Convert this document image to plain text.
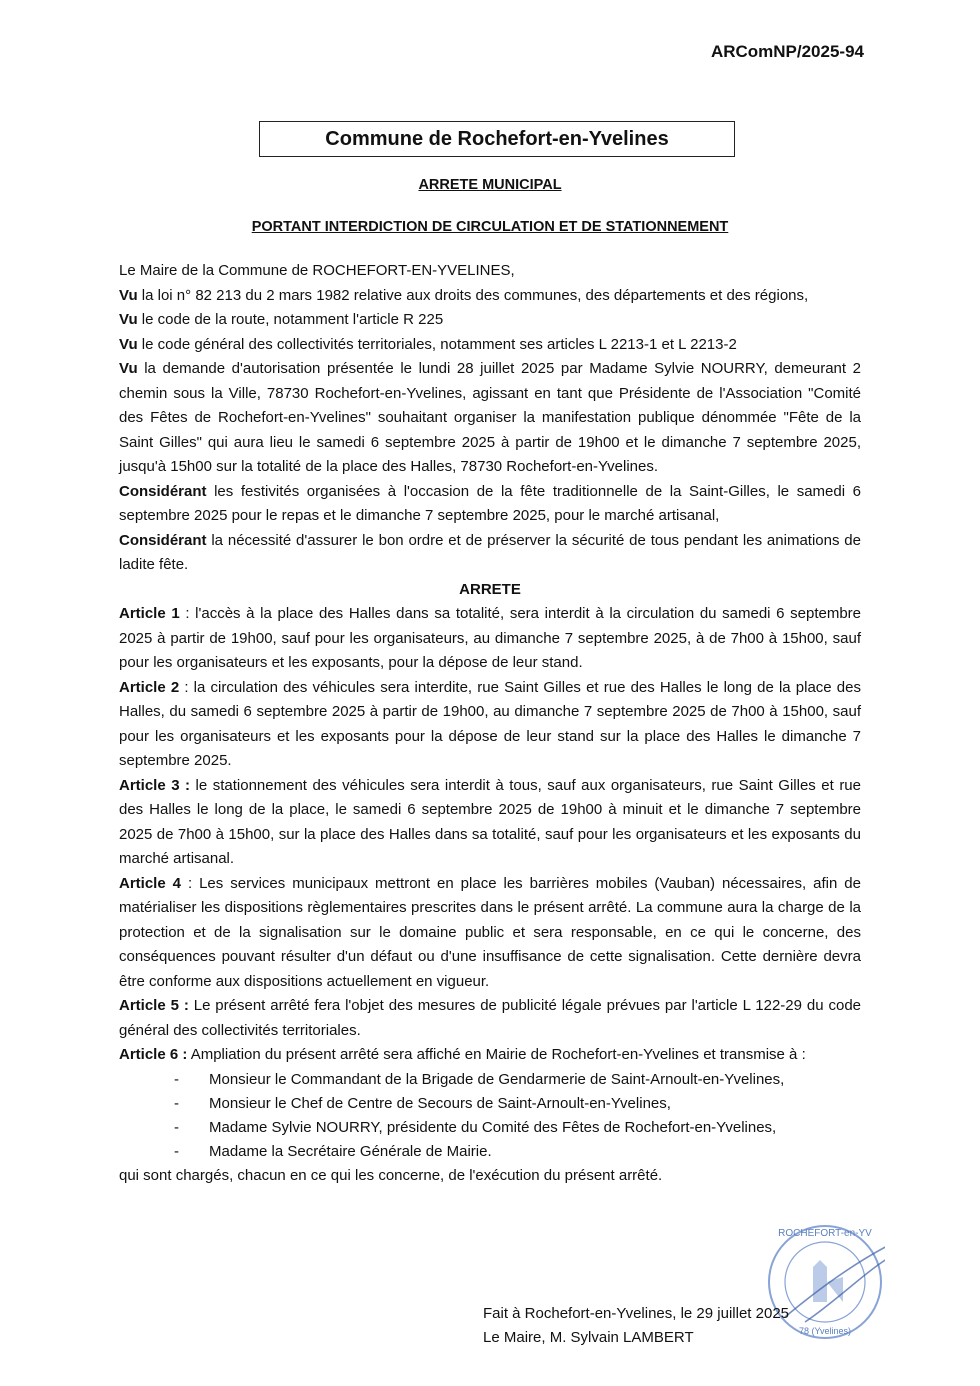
ARComNP/2025-94
Commune de Rochefort-en-Yvelines
ARRETE MUNICIPAL
PORTANT INTERDICTION DE CIRCULATION ET DE STATIONNEMENT

Le Maire de la Commune de ROCHEFORT-EN-YVELINES,

Vu la loi n° 82 213 du 2 mars 1982 relative aux droits des communes, des départements et des régions,

Vu le code de la route, notamment l'article R 225

Vu le code général des collectivités territoriales, notamment ses articles L 2213-1 et L 2213-2

Vu la demande d'autorisation présentée le lundi 28 juillet 2025 par Madame Sylvie NOURRY, demeurant 2 chemin sous la Ville, 78730 Rochefort-en-Yvelines, agissant en tant que Présidente de l'Association "Comité des Fêtes de Rochefort-en-Yvelines" souhaitant organiser la manifestation publique dénommée "Fête de la Saint Gilles" qui aura lieu le samedi 6 septembre 2025 à partir de 19h00 et le dimanche 7 septembre 2025, jusqu'à 15h00 sur la totalité de la place des Halles, 78730 Rochefort-en-Yvelines.

Considérant les festivités organisées à l'occasion de la fête traditionnelle de la Saint-Gilles, le samedi 6 septembre 2025 pour le repas et le dimanche 7 septembre 2025, pour le marché artisanal,

Considérant la nécessité d'assurer le bon ordre et de préserver la sécurité de tous pendant les animations de ladite fête.

ARRETE

Article 1 : l'accès à la place des Halles dans sa totalité, sera interdit à la circulation du samedi 6 septembre 2025 à partir de 19h00, sauf pour les organisateurs, au dimanche 7 septembre 2025, à de 7h00 à 15h00, sauf pour les organisateurs et les exposants, pour la dépose de leur stand.

Article 2 : la circulation des véhicules sera interdite, rue Saint Gilles et rue des Halles le long de la place des Halles, du samedi 6 septembre 2025 à partir de 19h00, au dimanche 7 septembre 2025 de 7h00 à 15h00, sauf pour les organisateurs et les exposants pour la dépose de leur stand sur la place des Halles le dimanche 7 septembre 2025.

Article 3 : le stationnement des véhicules sera interdit à tous, sauf aux organisateurs, rue Saint Gilles et rue des Halles le long de la place, le samedi 6 septembre 2025 de 19h00 à minuit et le dimanche 7 septembre 2025 de 7h00 à 15h00, sur la place des Halles dans sa totalité, sauf pour les organisateurs et les exposants du marché artisanal.

Article 4 : Les services municipaux mettront en place les barrières mobiles (Vauban) nécessaires, afin de matérialiser les dispositions règlementaires prescrites dans le présent arrêté. La commune aura la charge de la protection et de la signalisation sur le domaine public et sera responsable, en ce qui le concerne, des conséquences pouvant résulter d'un défaut ou d'une insuffisance de cette signalisation. Cette dernière devra être conforme aux dispositions actuellement en vigueur.

Article 5 : Le présent arrêté fera l'objet des mesures de publicité légale prévues par l'article L 122-29 du code général des collectivités territoriales.

Article 6 : Ampliation du présent arrêté sera affiché en Mairie de Rochefort-en-Yvelines et transmise à :

- Monsieur le Commandant de la Brigade de Gendarmerie de Saint-Arnoult-en-Yvelines,
- Monsieur le Chef de Centre de Secours de Saint-Arnoult-en-Yvelines,
- Madame Sylvie NOURRY, présidente du Comité des Fêtes de Rochefort-en-Yvelines,
- Madame la Secrétaire Générale de Mairie.

qui sont chargés, chacun en ce qui les concerne, de l'exécution du présent arrêté.

ROCHEFORT-en-YV
78 (Yvelines)
Fait à Rochefort-en-Yvelines, le 29 juillet 2025
Le Maire, M. Sylvain LAMBERT
